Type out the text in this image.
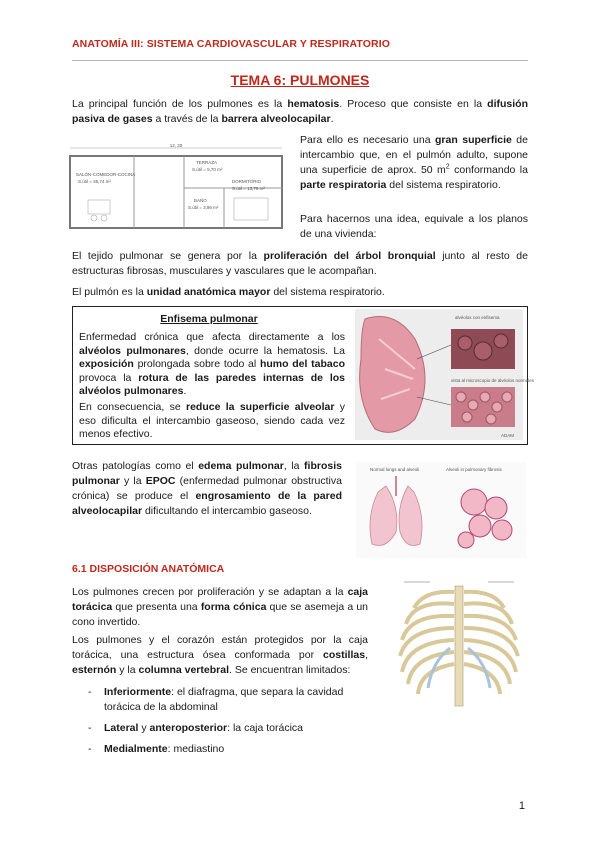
ANATOMÍA III: SISTEMA CARDIOVASCULAR Y RESPIRATORIO
TEMA 6: PULMONES
La principal función de los pulmones es la hematosis. Proceso que consiste en la difusión pasiva de gases a través de la barrera alveolocapilar.
12, 20
SALÓN-COMEDOR-COCINA
S.útil = 35,74 m²
TERRAZA
S.útil = 5,70 m²
DORMITORIO
S.útil = 13,76 m²
BAÑO
S.útil = 3,96 m²
Para ello es necesario una gran superficie de intercambio que, en el pulmón adulto, supone una superficie de aprox. 50 $m^2$ conformando la parte respiratoria del sistema respiratorio.
Para hacernos una idea, equivale a los planos de una vivienda:
El tejido pulmonar se genera por la proliferación del árbol bronquial junto al resto de estructuras fibrosas, musculares y vasculares que le acompañan.
El pulmón es la unidad anatómica mayor del sistema respiratorio.
Enfisema pulmonar
Enfermedad crónica que afecta directamente a los alvéolos pulmonares, donde ocurre la hematosis. La exposición prolongada sobre todo al humo del tabaco provoca la rotura de las paredes internas de los alvéolos pulmonares.
En consecuencia, se reduce la superficie alveolar y eso dificulta el intercambio gaseoso, siendo cada vez menos efectivo.
alvéolos con enfisema
vista al microscopio de alvéolos normales
ADAM
Otras patologías como el edema pulmonar, la fibrosis pulmonar y la EPOC (enfermedad pulmonar obstructiva crónica) se produce el engrosamiento de la pared alveolocapilar dificultando el intercambio gaseoso.
Normal lungs and alveoli	Alveoli in pulmonary fibrosis
6.1 DISPOSICIÓN ANATÓMICA
Los pulmones crecen por proliferación y se adaptan a la caja torácica que presenta una forma cónica que se asemeja a un cono invertido.
Los pulmones y el corazón están protegidos por la caja torácica, una estructura ósea conformada por costillas, esternón y la columna vertebral. Se encuentran limitados:
- Inferiormente: el diafragma, que separa la cavidad torácica de la abdominal
- Lateral y anteroposterior: la caja torácica
- Medialmente: mediastino
1
